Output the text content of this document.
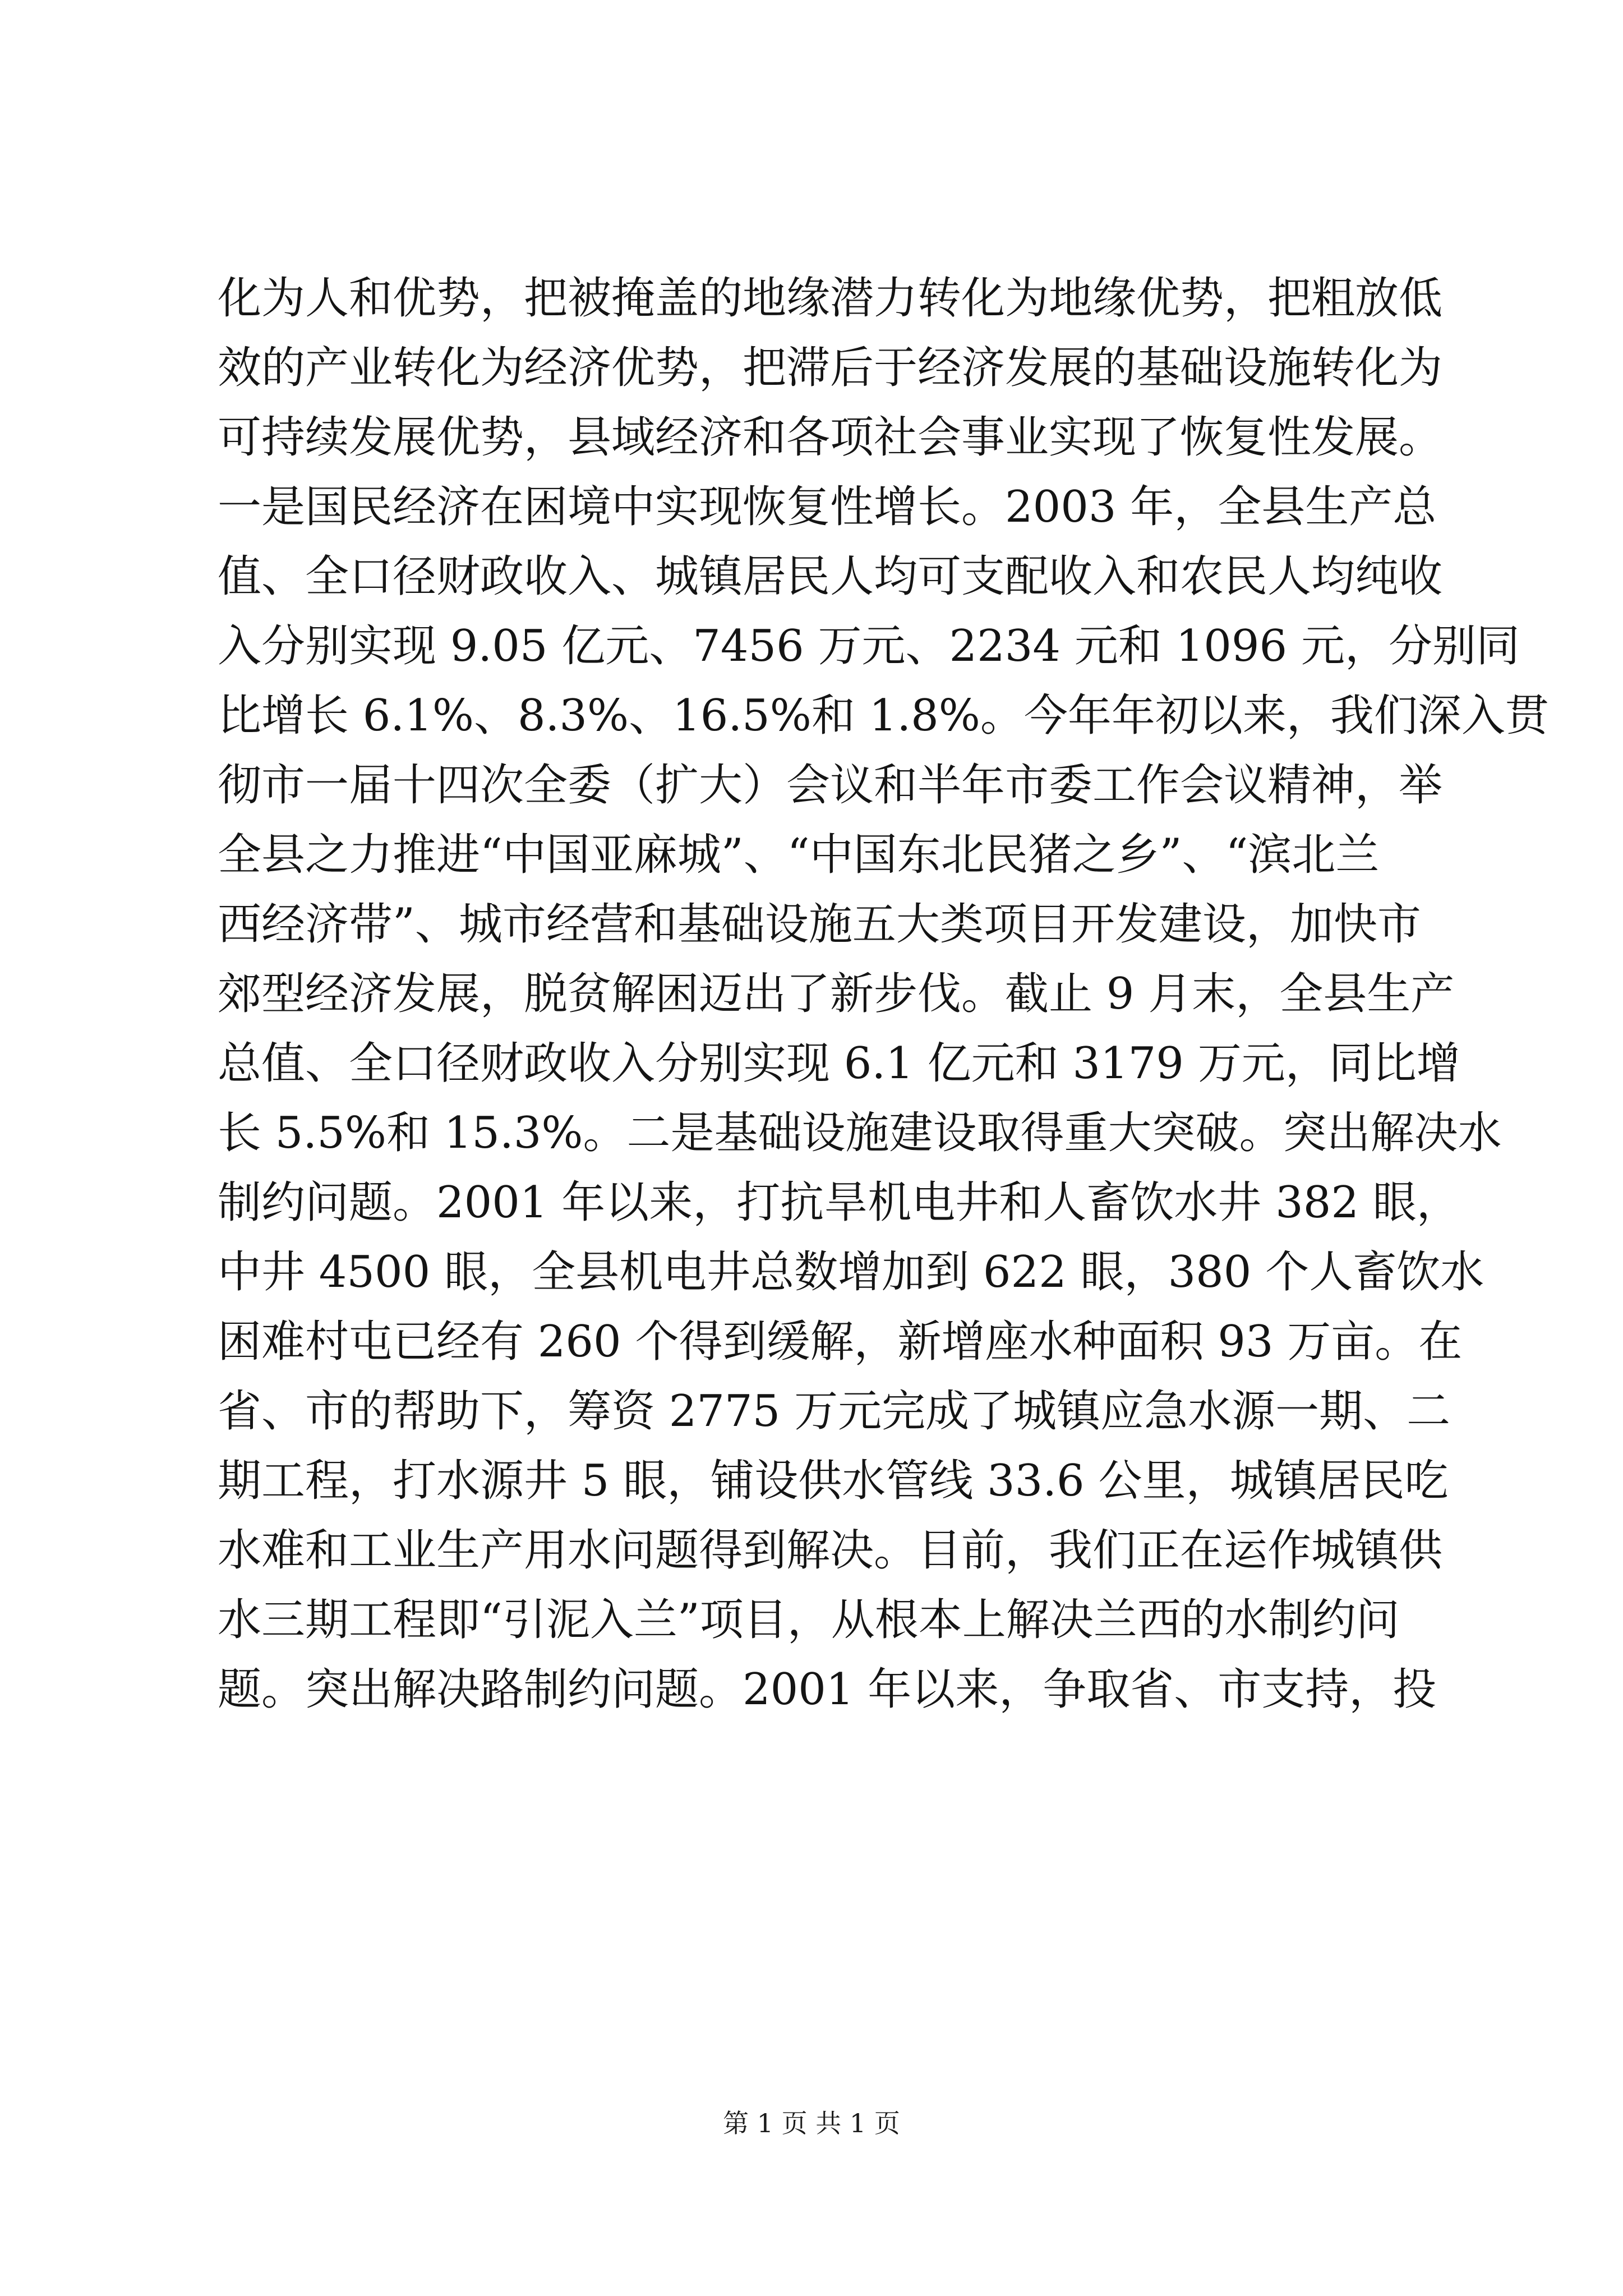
化为人和优势，把被掩盖的地缘潜力转化为地缘优势，把粗放低
效的产业转化为经济优势，把滞后于经济发展的基础设施转化为
可持续发展优势，县域经济和各项社会事业实现了恢复性发展。
一是国民经济在困境中实现恢复性增长。2003 年，全县生产总
值、全口径财政收入、城镇居民人均可支配收入和农民人均纯收
入分别实现 9.05 亿元、7456 万元、2234 元和 1096 元，分别同
比增长 6.1%、8.3%、16.5%和 1.8%。今年年初以来，我们深入贯
彻市一届十四次全委（扩大）会议和半年市委工作会议精神，举
全县之力推进“中国亚麻城”、“中国东北民猪之乡”、“滨北兰
西经济带”、城市经营和基础设施五大类项目开发建设，加快市
郊型经济发展，脱贫解困迈出了新步伐。截止 9 月末，全县生产
总值、全口径财政收入分别实现 6.1 亿元和 3179 万元，同比增
长 5.5%和 15.3%。二是基础设施建设取得重大突破。突出解决水
制约问题。2001 年以来，打抗旱机电井和人畜饮水井 382 眼，
中井 4500 眼，全县机电井总数增加到 622 眼，380 个人畜饮水
困难村屯已经有 260 个得到缓解，新增座水种面积 93 万亩。在
省、市的帮助下，筹资 2775 万元完成了城镇应急水源一期、二
期工程，打水源井 5 眼，铺设供水管线 33.6 公里，城镇居民吃
水难和工业生产用水问题得到解决。目前，我们正在运作城镇供
水三期工程即“引泥入兰”项目，从根本上解决兰西的水制约问
题。突出解决路制约问题。2001 年以来，争取省、市支持，投
第 1 页 共 1 页
